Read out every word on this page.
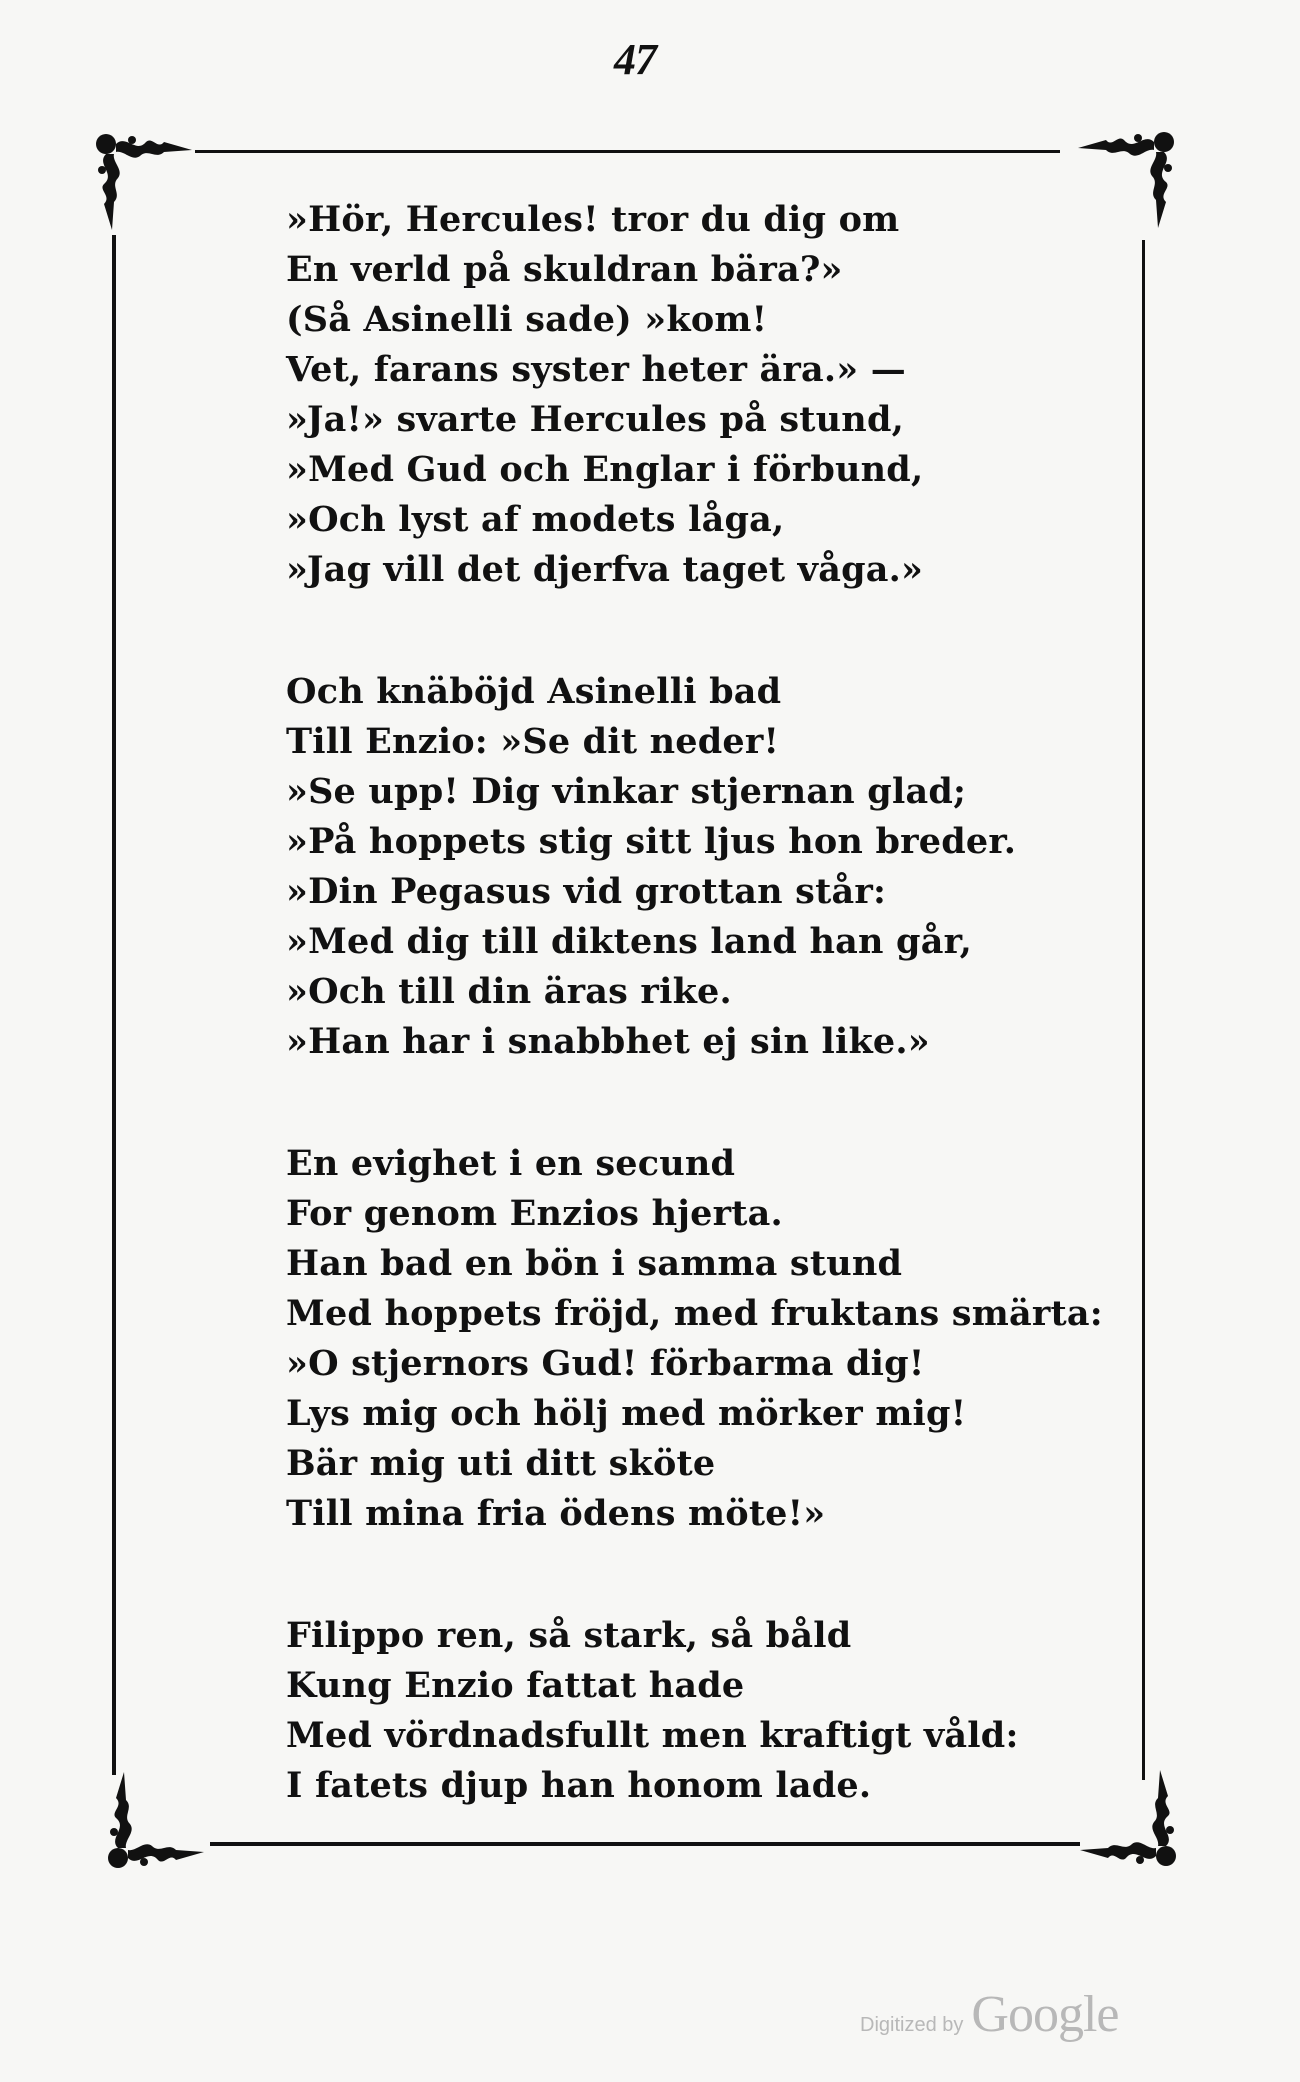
47
»Hör, Hercules! tror du dig om
En verld på skuldran bära?»
(Så Asinelli sade) »kom!
Vet, farans syster heter ära.» —
»Ja!» svarte Hercules på stund,
»Med Gud och Englar i förbund,
»Och lyst af modets låga,
»Jag vill det djerfva taget våga.»
Och knäböjd Asinelli bad
Till Enzio: »Se dit neder!
»Se upp! Dig vinkar stjernan glad;
»På hoppets stig sitt ljus hon breder.
»Din Pegasus vid grottan står:
»Med dig till diktens land han går,
»Och till din äras rike.
»Han har i snabbhet ej sin like.»
En evighet i en secund
For genom Enzios hjerta.
Han bad en bön i samma stund
Med hoppets fröjd, med fruktans smärta:
»O stjernors Gud! förbarma dig!
Lys mig och hölj med mörker mig!
Bär mig uti ditt sköte
Till mina fria ödens möte!»
Filippo ren, så stark, så båld
Kung Enzio fattat hade
Med vördnadsfullt men kraftigt våld:
I fatets djup han honom lade.
Digitized by Google
